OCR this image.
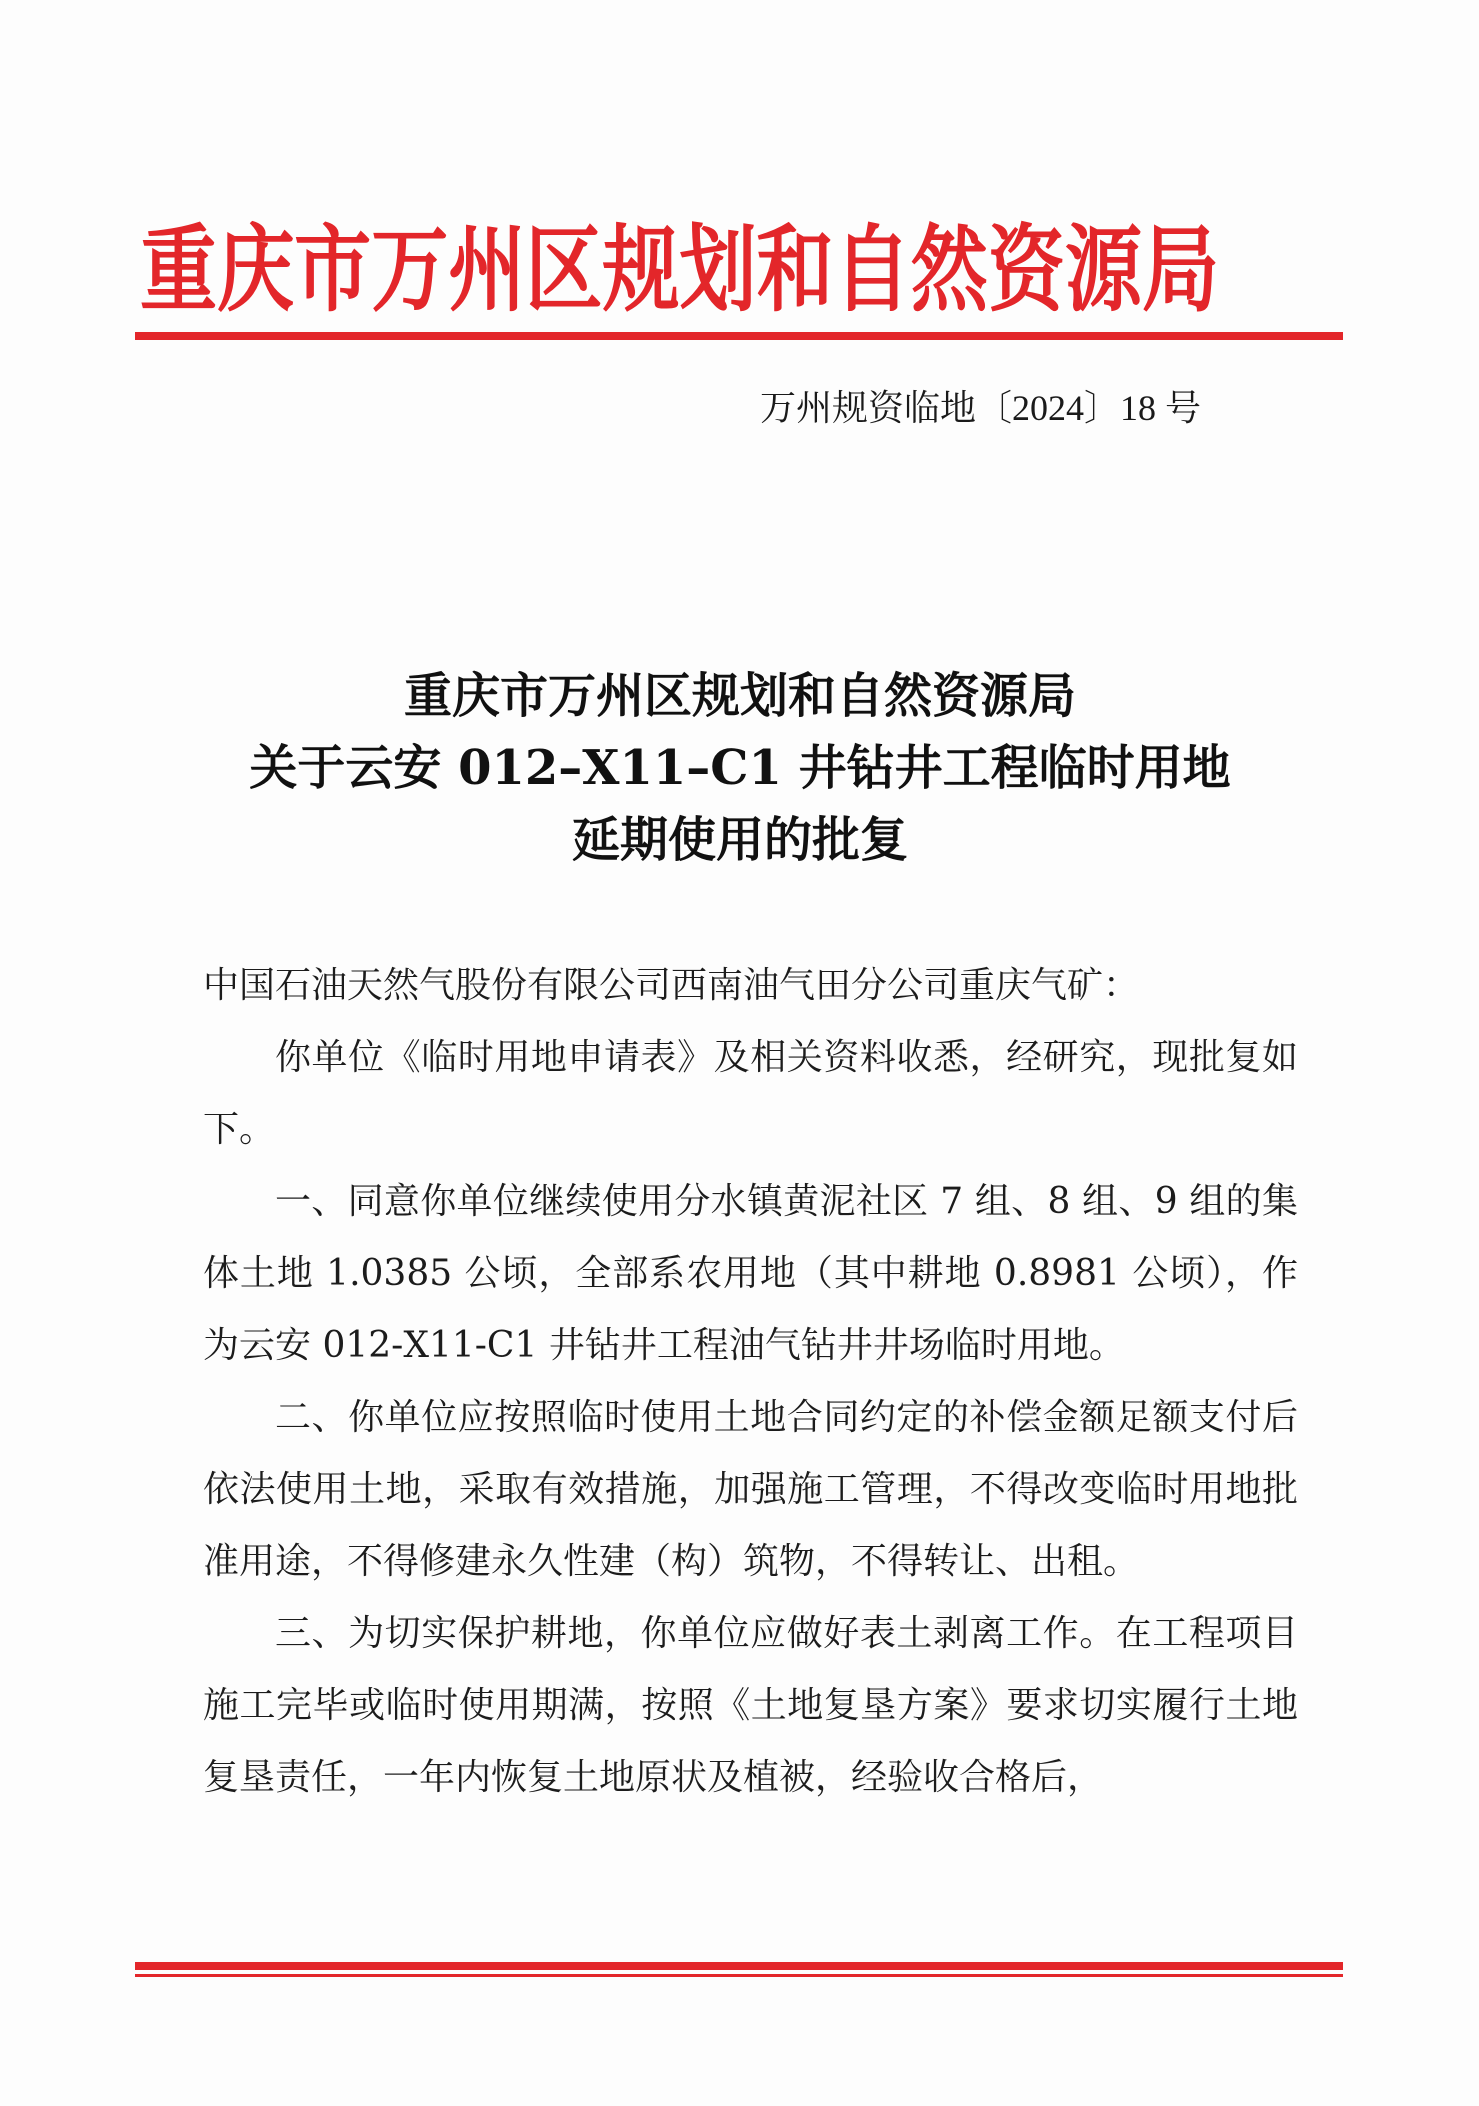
重庆市万州区规划和自然资源局
万州规资临地〔2024〕18 号
重庆市万州区规划和自然资源局
关于云安 012–X11–C1 井钻井工程临时用地
延期使用的批复
中国石油天然气股份有限公司西南油气田分公司重庆气矿：

你单位《临时用地申请表》及相关资料收悉，经研究，现批复如下。

一、同意你单位继续使用分水镇黄泥社区 7 组、8 组、9 组的集体土地 1.0385 公顷，全部系农用地（其中耕地 0.8981 公顷），作为云安 012-X11-C1 井钻井工程油气钻井井场临时用地。

二、你单位应按照临时使用土地合同约定的补偿金额足额支付后依法使用土地，采取有效措施，加强施工管理，不得改变临时用地批准用途，不得修建永久性建（构）筑物，不得转让、出租。

三、为切实保护耕地，你单位应做好表土剥离工作。在工程项目施工完毕或临时使用期满，按照《土地复垦方案》要求切实履行土地复垦责任，一年内恢复土地原状及植被，经验收合格后，
